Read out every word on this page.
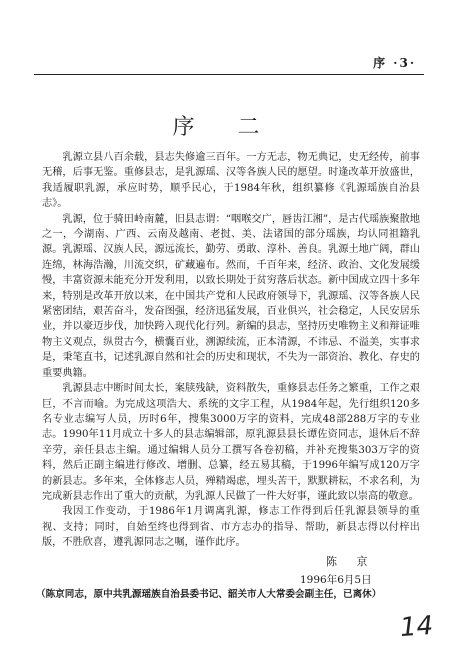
序 ·3·
序 二

乳源立县八百余载，县志失修逾三百年。一方无志，物无典记，史无经传，前事无稽，后事无鉴。重修县志，是乳源瑶、汉等各族人民的愿望。时逢改革开放盛世，我适履职乳源，承应时势，顺乎民心，于1984年秋，组织纂修《乳源瑶族自治县志》。

乳源，位于骑田岭南麓，旧县志谓：“咽喉交广，唇齿江湘”，是古代瑶族聚散地之一，今湖南、广西、云南及越南、老挝、美、法诸国的部分瑶族，均认同祖籍乳源。乳源瑶、汉族人民，源远流长，勤劳、勇敢、淳朴、善良。乳源土地广阔，群山连绵，林海浩瀚，川流交织，矿藏遍布。然而，千百年来，经济、政治、文化发展缓慢，丰富资源未能充分开发利用，以致长期处于贫穷落后状态。新中国成立四十多年来，特别是改革开放以来，在中国共产党和人民政府领导下，乳源瑶、汉等各族人民紧密团结，艰苦奋斗，发奋图强，经济迅猛发展，百业俱兴，社会稳定，人民安居乐业，并以豪迈步伐，加快跨入现代化行列。新编的县志，坚持历史唯物主义和辩证唯物主义观点，纵贯古今，横囊百业，溯源续流，正本清源，不讳忌、不溢美，实事求是，秉笔直书，记述乳源自然和社会的历史和现状，不失为一部资治、教化、存史的重要典籍。

乳源县志中断时间太长，案牍残缺，资料散失，重修县志任务之繁重，工作之艰巨，不言而喻。为完成这项浩大、系统的文字工程，从1984年起，先行组织120多名专业志编写人员，历时6年，搜集3000万字的资料，完成48部288万字的专业志。1990年11月成立十多人的县志编辑部，原乳源县县长谭佐资同志，退休后不辞辛劳，亲任县志主编。通过编辑人员分工撰写各卷初稿，并补充搜集303万字的资料，然后正副主编进行修改、增删、总纂，经五易其稿，于1996年编写成120万字的新县志。多年来，全体修志人员，殚精竭虑，埋头苦干，默默耕耘，不求名利，为完成新县志作出了重大的贡献，为乳源人民做了一件大好事，谨此致以崇高的敬意。

我因工作变动，于1986年1月调离乳源，修志工作得到后任乳源县领导的重视、支持；同时，自始至终也得到省、市方志办的指导、帮助，新县志得以付梓出版，不胜欣喜，遵乳源同志之嘱，谨作此序。

陈 京
1996年6月5日
（陈京同志，原中共乳源瑶族自治县委书记、韶关市人大常委会副主任，已离休）
14
